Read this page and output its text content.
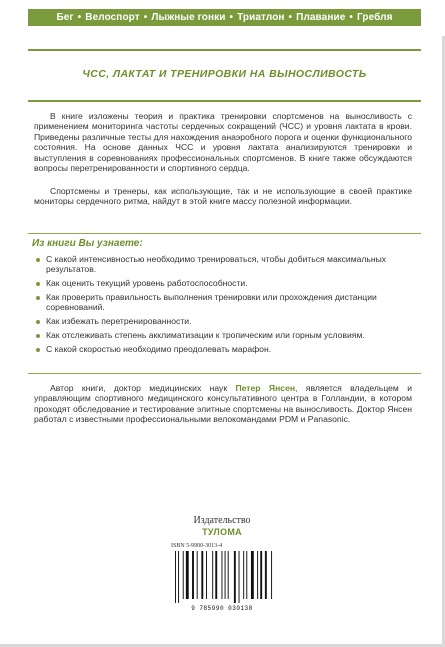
Бег • Велоспорт • Лыжные гонки • Триатлон • Плавание • Гребля
ЧСС, ЛАКТАТ И ТРЕНИРОВКИ НА ВЫНОСЛИВОСТЬ
В книге изложены теория и практика тренировки спортсменов на выносливость с применением мониторинга частоты сердечных сокращений (ЧСС) и уровня лактата в крови. Приведены различные тесты для нахождения анаэробного порога и оценки функционального состояния. На основе данных ЧСС и уровня лактата анализируются тренировки и выступления в соревнованиях профессиональных спортсменов. В книге также обсуждаются вопросы перетренированности и спортивного сердца.
Спортсмены и тренеры, как использующие, так и не использующие в своей практике мониторы сердечного ритма, найдут в этой книге массу полезной информации.
Из книги Вы узнаете:
С какой интенсивностью необходимо тренироваться, чтобы добиться максимальных результатов.
Как оценить текущий уровень работоспособности.
Как проверить правильность выполнения тренировки или прохождения дистанции соревнований.
Как избежать перетренированности.
Как отслеживать степень акклиматизации к тропическим или горным условиям.
С какой скоростью необходимо преодолевать марафон.
Автор книги, доктор медицинских наук Петер Янсен, является владельцем и управляющим спортивного медицинского консультативного центра в Голландии, в котором проходят обследование и тестирование элитные спортсмены на выносливость. Доктор Янсен работал с известными профессиональными велокомандами PDM и Panasonic.
Издательство
ТУЛОМА
ISBN 5-9900-3013-4
9 785990 030138
